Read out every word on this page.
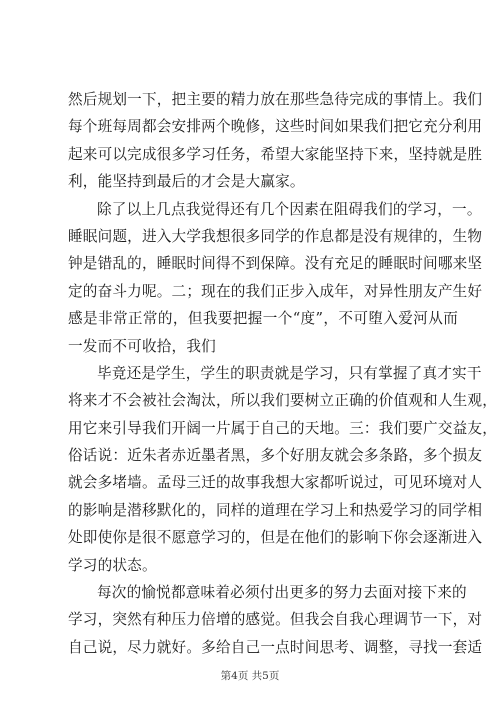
然后规划一下，把主要的精力放在那些急待完成的事情上。我们
每个班每周都会安排两个晚修，这些时间如果我们把它充分利用
起来可以完成很多学习任务，希望大家能坚持下来，坚持就是胜
利，能坚持到最后的才会是大赢家。
除了以上几点我觉得还有几个因素在阻碍我们的学习，一。
睡眠问题，进入大学我想很多同学的作息都是没有规律的，生物
钟是错乱的，睡眠时间得不到保障。没有充足的睡眠时间哪来坚
定的奋斗力呢。二；现在的我们正步入成年，对异性朋友产生好
感是非常正常的，但我要把握一个“度”，不可堕入爱河从而
一发而不可收拾，我们
毕竟还是学生，学生的职责就是学习，只有掌握了真才实干
将来才不会被社会淘汰，所以我们要树立正确的价值观和人生观，
用它来引导我们开阔一片属于自己的天地。三：我们要广交益友，
俗话说：近朱者赤近墨者黑，多个好朋友就会多条路，多个损友
就会多堵墙。孟母三迁的故事我想大家都听说过，可见环境对人
的影响是潜移默化的，同样的道理在学习上和热爱学习的同学相
处即使你是很不愿意学习的，但是在他们的影响下你会逐渐进入
学习的状态。
每次的愉悦都意味着必须付出更多的努力去面对接下来的
学习，突然有种压力倍增的感觉。但我会自我心理调节一下，对
自己说，尽力就好。多给自己一点时间思考、调整，寻找一套适
第4页 共5页
